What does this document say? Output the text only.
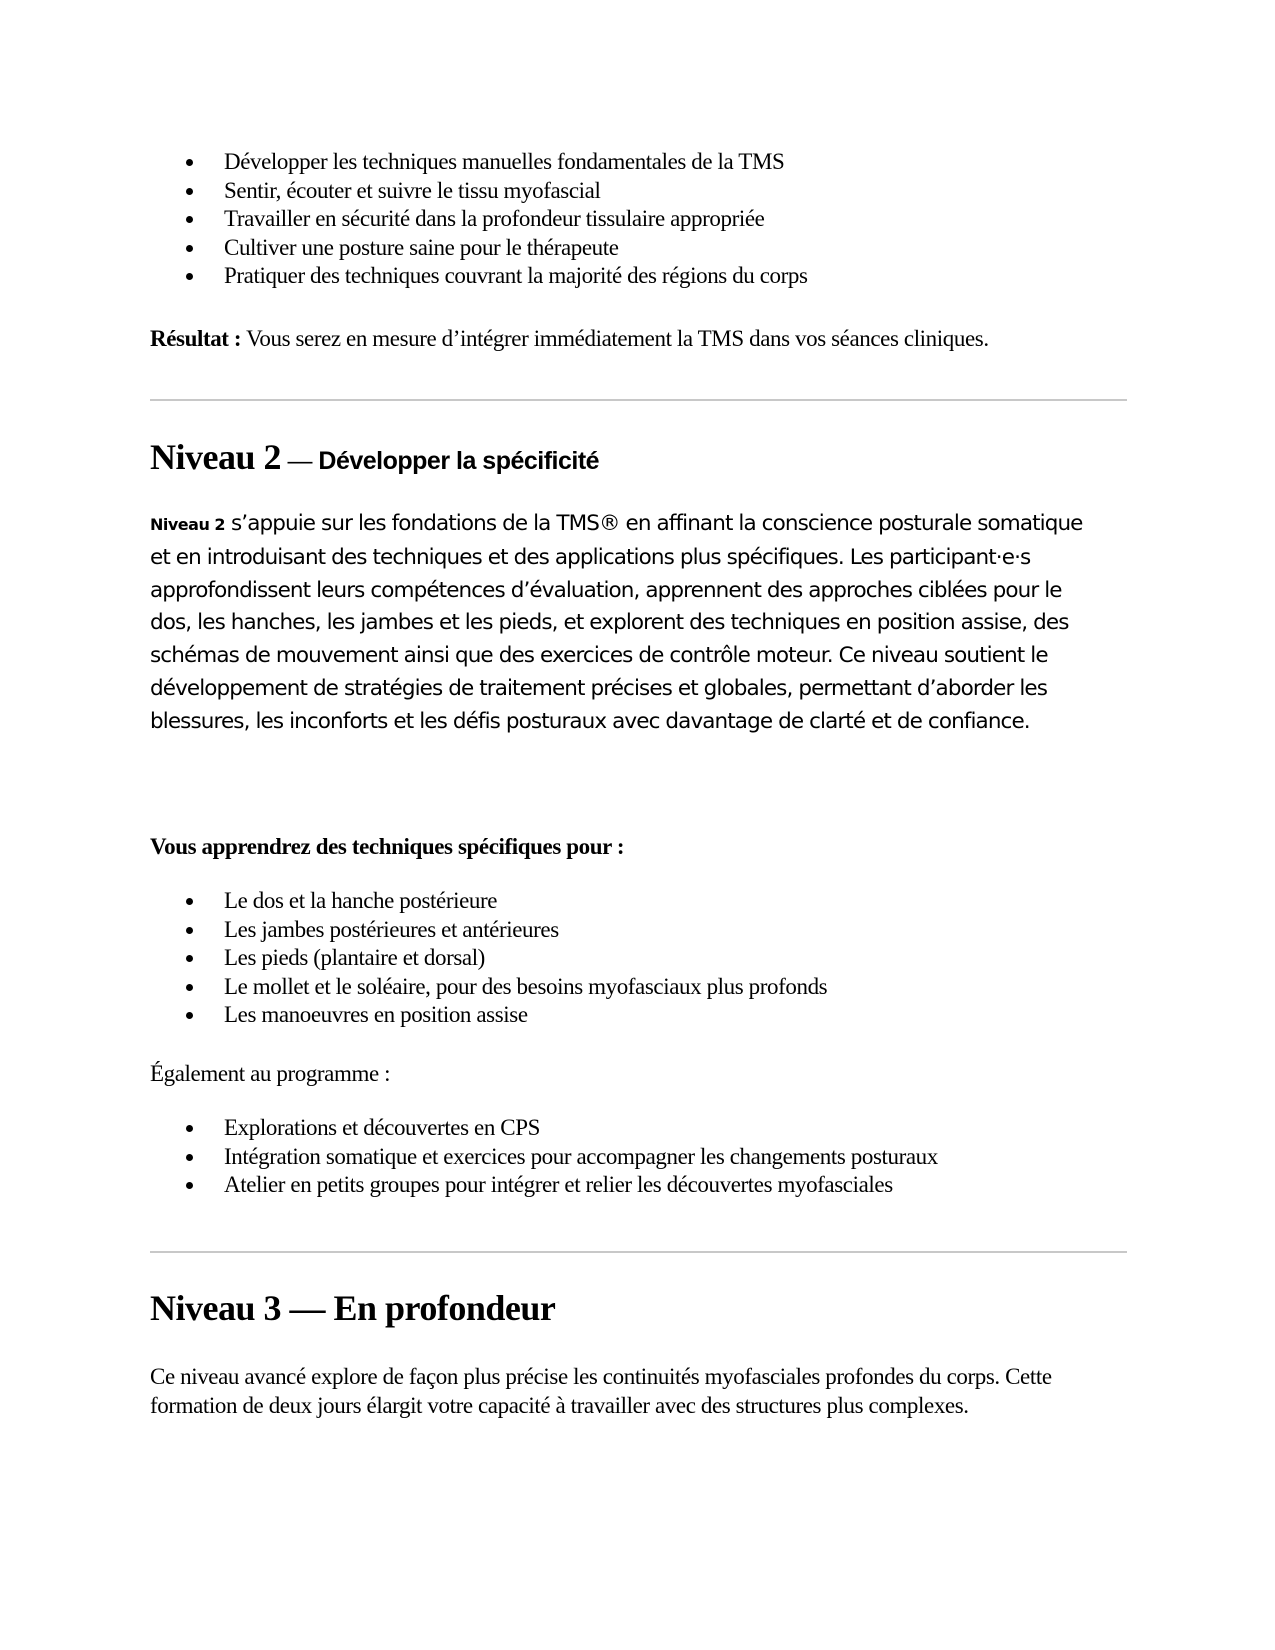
Développer les techniques manuelles fondamentales de la TMS
Sentir, écouter et suivre le tissu myofascial
Travailler en sécurité dans la profondeur tissulaire appropriée
Cultiver une posture saine pour le thérapeute
Pratiquer des techniques couvrant la majorité des régions du corps
Résultat : Vous serez en mesure d’intégrer immédiatement la TMS dans vos séances cliniques.
Niveau 2 — Développer la spécificité
Niveau 2 s’appuie sur les fondations de la TMS® en affinant la conscience posturale somatique et en introduisant des techniques et des applications plus spécifiques. Les participant·e·s approfondissent leurs compétences d’évaluation, apprennent des approches ciblées pour le dos, les hanches, les jambes et les pieds, et explorent des techniques en position assise, des schémas de mouvement ainsi que des exercices de contrôle moteur. Ce niveau soutient le développement de stratégies de traitement précises et globales, permettant d’aborder les blessures, les inconforts et les défis posturaux avec davantage de clarté et de confiance.
Vous apprendrez des techniques spécifiques pour :
Le dos et la hanche postérieure
Les jambes postérieures et antérieures
Les pieds (plantaire et dorsal)
Le mollet et le soléaire, pour des besoins myofasciaux plus profonds
Les manoeuvres en position assise
Également au programme :
Explorations et découvertes en CPS
Intégration somatique et exercices pour accompagner les changements posturaux
Atelier en petits groupes pour intégrer et relier les découvertes myofasciales
Niveau 3 — En profondeur
Ce niveau avancé explore de façon plus précise les continuités myofasciales profondes du corps. Cette formation de deux jours élargit votre capacité à travailler avec des structures plus complexes.
